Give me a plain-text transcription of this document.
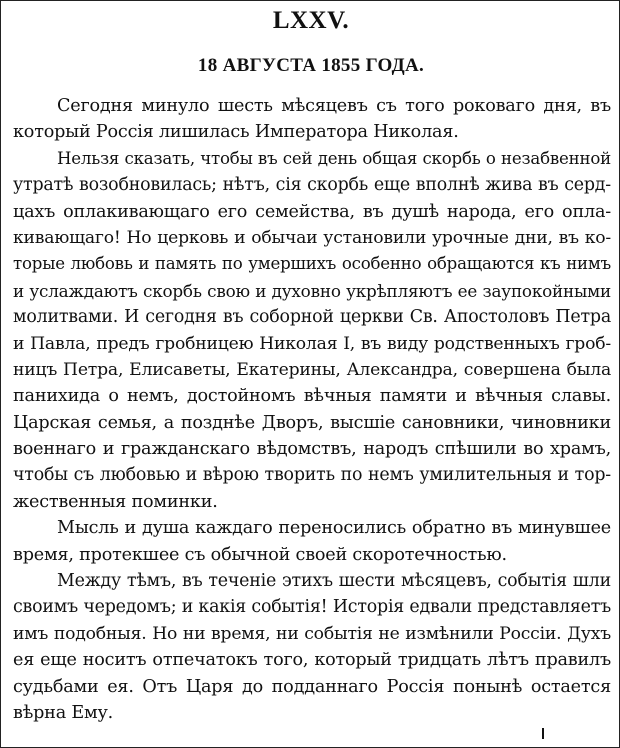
LXXV.
18 АВГУСТА 1855 ГОДА.
Сегодня минуло шесть мѣсяцевъ съ того роковаго дня, въ
который Россія лишилась Императора Николая.
Нельзя сказать, чтобы въ сей день общая скорбь о незабвенной
утратѣ возобновилась; нѣтъ, сія скорбь еще вполнѣ жива въ серд-
цахъ оплакивающаго его семейства, въ душѣ народа, его опла-
кивающаго! Но церковь и обычаи установили урочные дни, въ ко-
торые любовь и память по умершихъ особенно обращаются къ нимъ
и услаждаютъ скорбь свою и духовно укрѣпляютъ ее заупокойными
молитвами. И сегодня въ соборной церкви Св. Апостоловъ Петра
и Павла, предъ гробницею Николая I, въ виду родственныхъ гроб-
ницъ Петра, Елисаветы, Екатерины, Александра, совершена была
панихида о немъ, достойномъ вѣчныя памяти и вѣчныя славы.
Царская семья, а позднѣе Дворъ, высшіе сановники, чиновники
военнаго и гражданскаго вѣдомствъ, народъ спѣшили во храмъ,
чтобы съ любовью и вѣрою творить по немъ умилительныя и тор-
жественныя поминки.
Мысль и душа каждаго переносились обратно въ минувшее
время, протекшее съ обычной своей скоротечностью.
Между тѣмъ, въ теченіе этихъ шести мѣсяцевъ, событія шли
своимъ чередомъ; и какія событія! Исторія едвали представляетъ
имъ подобныя. Но ни время, ни событія не измѣнили Россіи. Духъ
ея еще носитъ отпечатокъ того, который тридцать лѣтъ правилъ
судьбами ея. Отъ Царя до подданнаго Россія понынѣ остается
вѣрна Ему.
